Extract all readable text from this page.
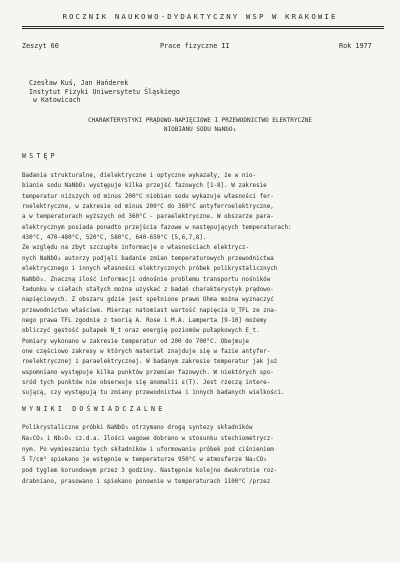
ROCZNIK NAUKOWO-DYDAKTYCZNY WSP W KRAKOWIE
Zeszyt 60	Prace fizyczne II	Rok 1977
Czesław Kuś, Jan Hańderek
Instytut Fizyki Uniwersytetu Śląskiego
w Katowicach
CHARAKTERYSTYKI PRĄDOWO-NAPIĘCIOWE I PRZEWODNICTWO ELEKTRYCZNE
NIOBIANU SODU NaNbO₃
WSTĘP
Badania strukturalne, dielektryczne i optyczne wykazały, że w nio-
bianie sodu NaNbO₃ występuje kilka przejść fazowych [1-8]. W zakresie
temperatur niższych od minus 200°C niobian sodu wykazuje własności fer-
roelektryczne, w zakresie od minus 200°C do 360°C antyferroelektryczne,
a w temperaturach wyższych od 360°C - paraelektryczne. W obszarze para-
elektrycznym posiada ponadto przejścia fazowe w następujących temperaturach:
430°C, 470-480°C, 520°C, 580°C, 640-650°C [5,6,7,8].
Ze względu na zbyt szczupłe informacje o własnościach elektrycz-
nych NaNbO₃ autorzy podjęli badanie zmian temperaturowych przewodnictwa
elektrycznego i innych własności elektrycznych próbek polikrystalicznych
NaNbO₃. Znaczną ilość informacji odnośnie problemu transportu nośników
ładunku w ciałach stałych można uzyskać z badań charakterystyk prądowo-
napięciowych. Z obszaru gdzie jest spełnione prawo Ohma można wyznaczyć
przewodnictwo właściwe. Mierząc natomiast wartość napięcia U_TFL ze zna-
nego prawa TFL zgodnie z teorią A. Rose i M.A. Lamperta [9-10] możemy
obliczyć gęstość pułapek N_t oraz energię poziomów pułapkowych E_t.
Pomiary wykonano w zakresie temperatur od 200 do 700°C. Obejmuje
one częściowo zakresy w których materiał znajduje się w fazie antyfer-
roelektrycznej i paraelektrycznej. W badanym zakresie temperatur jak już
wspomniano występuje kilka punktów przemian fazowych. W niektórych spo-
sród tych punktów nie obserwuje się anomalii ε(T). Jest rzeczą intere-
sującą, czy występują tu zmiany przewodnictwa i innych badanych wielkości.
WYNIKI DOŚWIADCZALNE
Polikrystaliczne próbki NaNbO₃ otrzymano drogą syntezy składników
Na₂CO₃ i Nb₂O₅ cz.d.a. Ilości wagowe dobrano w stosunku stechiometrycz-
nym. Po wymieszaniu tych składników i uformowaniu próbek pod ciśnieniem
5 T/cm² spiekano je wstępnie w temperaturze 950°C w atmosferze Na₂CO₃
pod tyglem korundowym przez 3 godziny. Następnie kolejno dwukrotnie roz-
drabniano, prasowano i spiekano ponownie w temperaturach 1100°C /przez
